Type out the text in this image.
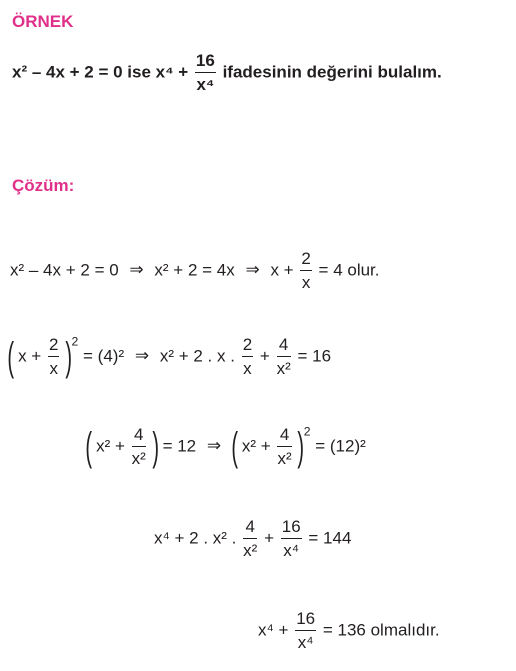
ÖRNEK
x² – 4x + 2 = 0 ise $x^4 + \frac{16}{\text{x⁴}}$ ifadesinin değerini bulalım.
Çözüm:
x² – 4x + 2 = 0 ⇒ x² + 2 = 4x ⇒ $x + \frac{2}{x} = 4$ olur.
( $x + \frac{2}{x} )^2 = (4)^2$ ⇒ x² + 2 . x . $\frac{2}{x} + \frac{4}{\text{x²}} = 16$
( $x^2 + \frac{4}{\text{x²}}$ ) = 12 ⇒ ( $x^2 + \frac{4}{\text{x²}} )^2 = (12)^2$
x⁴ + 2 . x² . $\frac{4}{\text{x²}} + \frac{16}{\text{x⁴}} = 144$
$x^4 + \frac{16}{\text{x⁴}} = 136$ olmalıdır.
